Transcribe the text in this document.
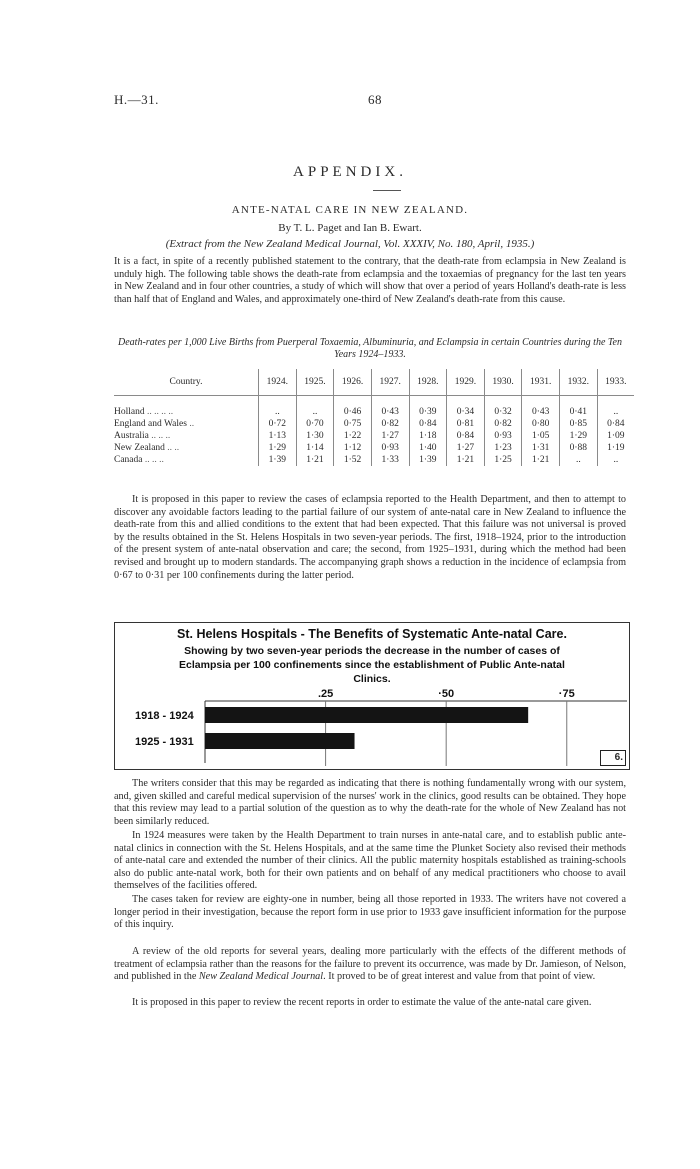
H.—31.	68
APPENDIX.
ANTE-NATAL CARE IN NEW ZEALAND.
By T. L. Paget and Ian B. Ewart.
(Extract from the New Zealand Medical Journal, Vol. XXXIV, No. 180, April, 1935.)

It is a fact, in spite of a recently published statement to the contrary, that the death-rate from eclampsia in New Zealand is unduly high. The following table shows the death-rate from eclampsia and the toxaemias of pregnancy for the last ten years in New Zealand and in four other countries, a study of which will show that over a period of years Holland's death-rate is less than half that of England and Wales, and approximately one-third of New Zealand's death-rate from this cause.

Death-rates per 1,000 Live Births from Puerperal Toxaemia, Albuminuria, and Eclampsia in certain Countries during the Ten Years 1924–1933.
Country.	1924.	1925.	1926.	1927.	1928.	1929.	1930.	1931.	1932.	1933.
Holland .. .. .. ..	..	..	0·46	0·43	0·39	0·34	0·32	0·43	0·41	..
England and Wales ..	0·72	0·70	0·75	0·82	0·84	0·81	0·82	0·80	0·85	0·84
Australia .. .. ..	1·13	1·30	1·22	1·27	1·18	0·84	0·93	1·05	1·29	1·09
New Zealand .. ..	1·29	1·14	1·12	0·93	1·40	1·27	1·23	1·31	0·88	1·19
Canada .. .. ..	1·39	1·21	1·52	1·33	1·39	1·21	1·25	1·21	..	..

It is proposed in this paper to review the cases of eclampsia reported to the Health Department, and then to attempt to discover any avoidable factors leading to the partial failure of our system of ante-natal care in New Zealand to influence the death-rate from this and allied conditions to the extent that had been expected. That this failure was not universal is proved by the results obtained in the St. Helens Hospitals in two seven-year periods. The first, 1918–1924, prior to the introduction of the present system of ante-natal observation and care; the second, from 1925–1931, during which the method had been revised and brought up to modern standards. The accompanying graph shows a reduction in the incidence of eclampsia from 0·67 to 0·31 per 100 confinements during the latter period.

St. Helens Hospitals - The Benefits of Systematic Ante-natal Care.
Showing by two seven-year periods the decrease in the number of cases of
Eclampsia per 100 confinements since the establishment of Public Ante-natal
Clinics.
.25	·50	·75
1918 - 1924
1925 - 1931
6.

The writers consider that this may be regarded as indicating that there is nothing fundamentally wrong with our system, and, given skilled and careful medical supervision of the nurses' work in the clinics, good results can be obtained. They hope that this review may lead to a partial solution of the question as to why the death-rate for the whole of New Zealand has not been similarly reduced.

In 1924 measures were taken by the Health Department to train nurses in ante-natal care, and to establish public ante-natal clinics in connection with the St. Helens Hospitals, and at the same time the Plunket Society also revised their methods of ante-natal care and extended the number of their clinics. All the public maternity hospitals established as training-schools also do public ante-natal work, both for their own patients and on behalf of any medical practitioners who choose to avail themselves of the facilities offered.

The cases taken for review are eighty-one in number, being all those reported in 1933. The writers have not covered a longer period in their investigation, because the report form in use prior to 1933 gave insufficient information for the purpose of this inquiry.

A review of the old reports for several years, dealing more particularly with the effects of the different methods of treatment of eclampsia rather than the reasons for the failure to prevent its occurrence, was made by Dr. Jamieson, of Nelson, and published in the New Zealand Medical Journal. It proved to be of great interest and value from that point of view.

It is proposed in this paper to review the recent reports in order to estimate the value of the ante-natal care given.
